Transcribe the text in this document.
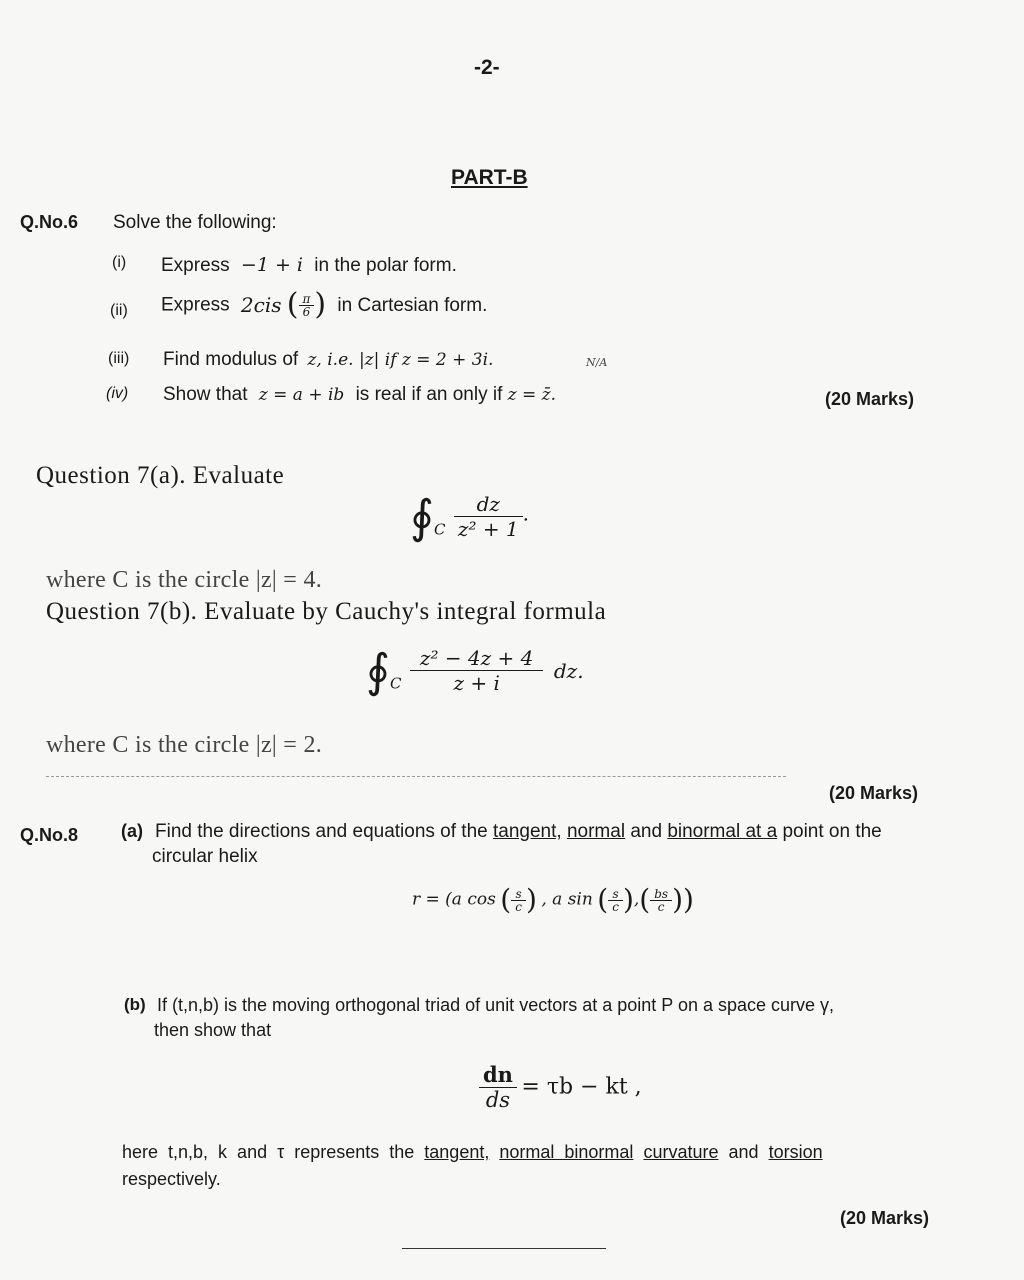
-2-
PART-B
Q.No.6 Solve the following:
(i) Express −1 + i in the polar form.
(ii) Express 2cis ( $\frac{\pi}{6}$ ) in Cartesian form.
(iii) Find modulus of z, i.e. |z| if z = 2 + 3i.	N/A
(iv) Show that z = a + ib is real if an only if z = z̄.	(20 Marks)
Question 7(a). Evaluate
∮C $\frac{dz}{\text{z² + 1}}$ .
where C is the circle |z| = 4.
Question 7(b). Evaluate by Cauchy's integral formula
∮C $\frac{\text{z² − 4z + 4}}{z + i}$ dz.
where C is the circle |z| = 2.
(20 Marks)
Q.No.8 (a) Find the directions and equations of the tangent, normal and binormal at a point on the
circular helix
r = (a cos ( $\frac{s}{c}$ ) , a sin ( $\frac{s}{c}$ ),( $\frac{bs}{c}$ ))
(b) If (t,n,b) is the moving orthogonal triad of unit vectors at a point P on a space curve γ,
then show that
$\frac{dn}{ds} = \tau b$ − kt ,
here t,n,b, k and τ represents the tangent, normal binormal curvature and torsion
respectively.
(20 Marks)
